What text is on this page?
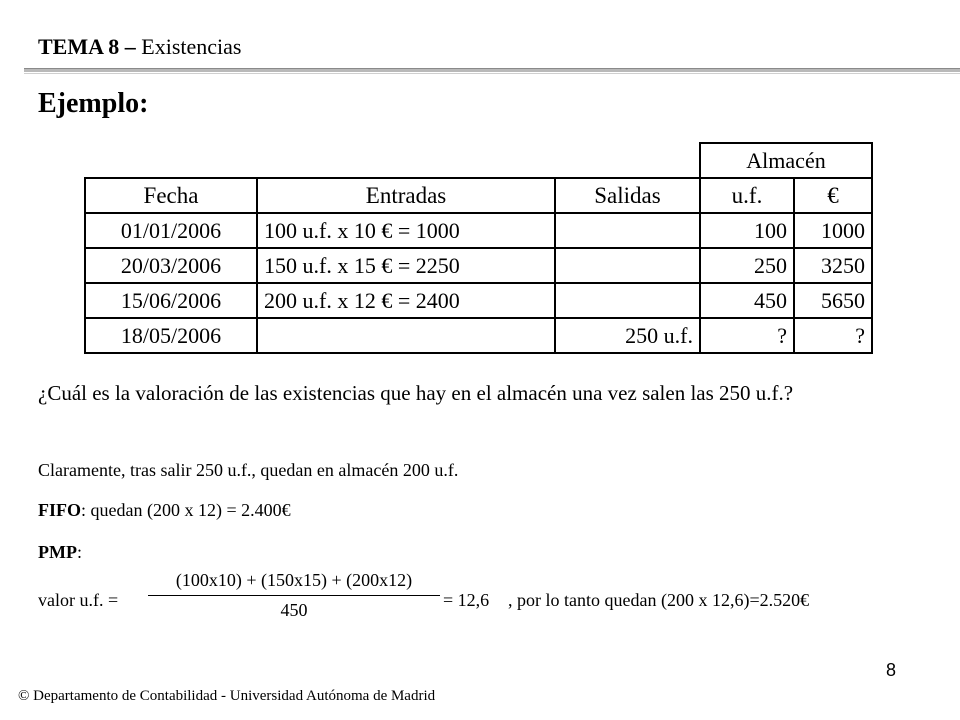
TEMA 8 – Existencias
Ejemplo:
			Almacén	
Fecha	Entradas	Salidas	u.f.	€
01/01/2006	100 u.f. x 10 € = 1000		100	1000
20/03/2006	150 u.f. x 15 € = 2250		250	3250
15/06/2006	200 u.f. x 12 € = 2400		450	5650
18/05/2006		250 u.f.	?	?
¿Cuál es la valoración de las existencias que hay en el almacén una vez salen las 250 u.f.?
Claramente, tras salir 250 u.f., quedan en almacén 200 u.f.
FIFO: quedan (200 x 12) = 2.400€
PMP:
valor u.f. =
(100x10) + (150x15) + (200x12)
450	= 12,6 , por lo tanto quedan (200 x 12,6)=2.520€
8
© Departamento de Contabilidad - Universidad Autónoma de Madrid
